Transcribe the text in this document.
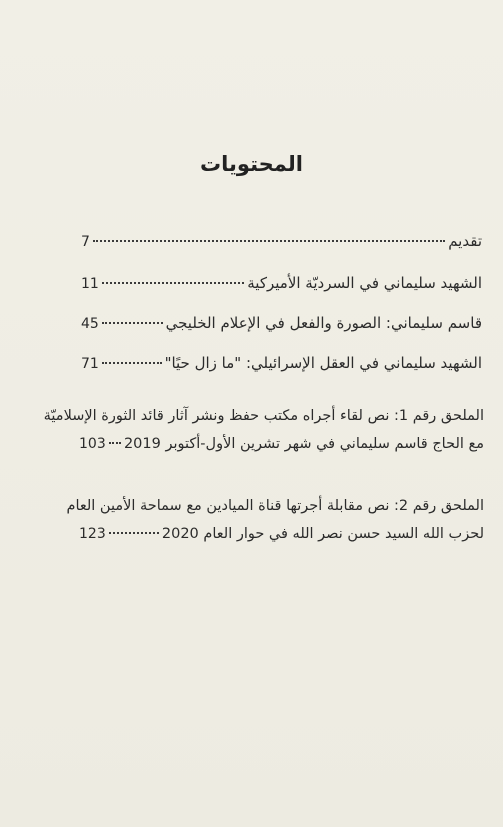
المحتويات
تقديم
7
الشهيد سليماني في السرديّة الأميركية
11
قاسم سليماني: الصورة والفعل في الإعلام الخليجي
45
الشهيد سليماني في العقل الإسرائيلي: "ما زال حيًا"
71
الملحق رقم 1: نص لقاء أجراه مكتب حفظ ونشر آثار قائد الثورة الإسلاميّة
مع الحاج قاسم سليماني في شهر تشرين الأول-أكتوبر 2019
103
الملحق رقم 2: نص مقابلة أجرتها قناة الميادين مع سماحة الأمين العام
لحزب الله السيد حسن نصر الله في حوار العام 2020
123
